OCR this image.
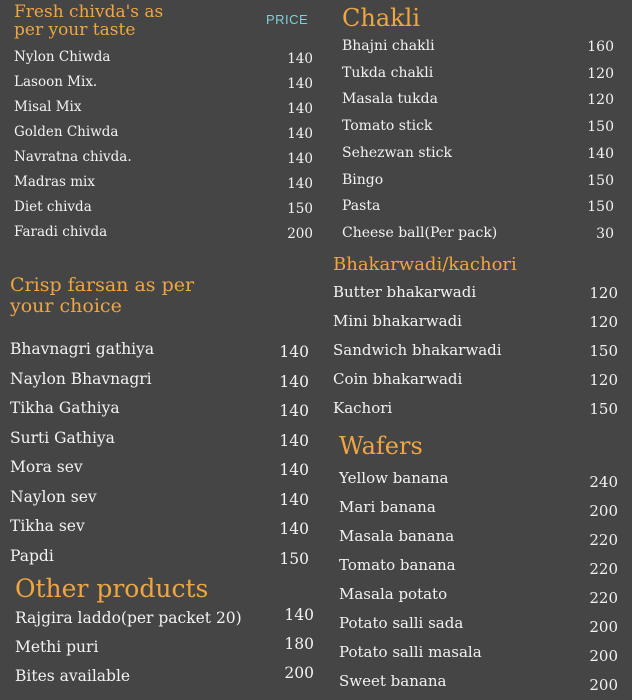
Fresh chivda's as
per your taste
PRICE
Nylon Chiwda	140
Lasoon Mix.	140
Misal Mix	140
Golden Chiwda	140
Navratna chivda.	140
Madras mix	140
Diet chivda	150
Faradi chivda	200
Crisp farsan as per
your choice
Bhavnagri gathiya	140
Naylon Bhavnagri	140
Tikha Gathiya	140
Surti Gathiya	140
Mora sev	140
Naylon sev	140
Tikha sev	140
Papdi	150
Other products
Rajgira laddo(per packet 20)	140
Methi puri	180
Bites available	200
Chakli
Bhajni chakli	160
Tukda chakli	120
Masala tukda	120
Tomato stick	150
Sehezwan stick	140
Bingo	150
Pasta	150
Cheese ball(Per pack)	30
Bhakarwadi/kachori
Butter bhakarwadi	120
Mini bhakarwadi	120
Sandwich bhakarwadi	150
Coin bhakarwadi	120
Kachori	150
Wafers
Yellow banana	240
Mari banana	200
Masala banana	220
Tomato banana	220
Masala potato	220
Potato salli sada	200
Potato salli masala	200
Sweet banana	200
